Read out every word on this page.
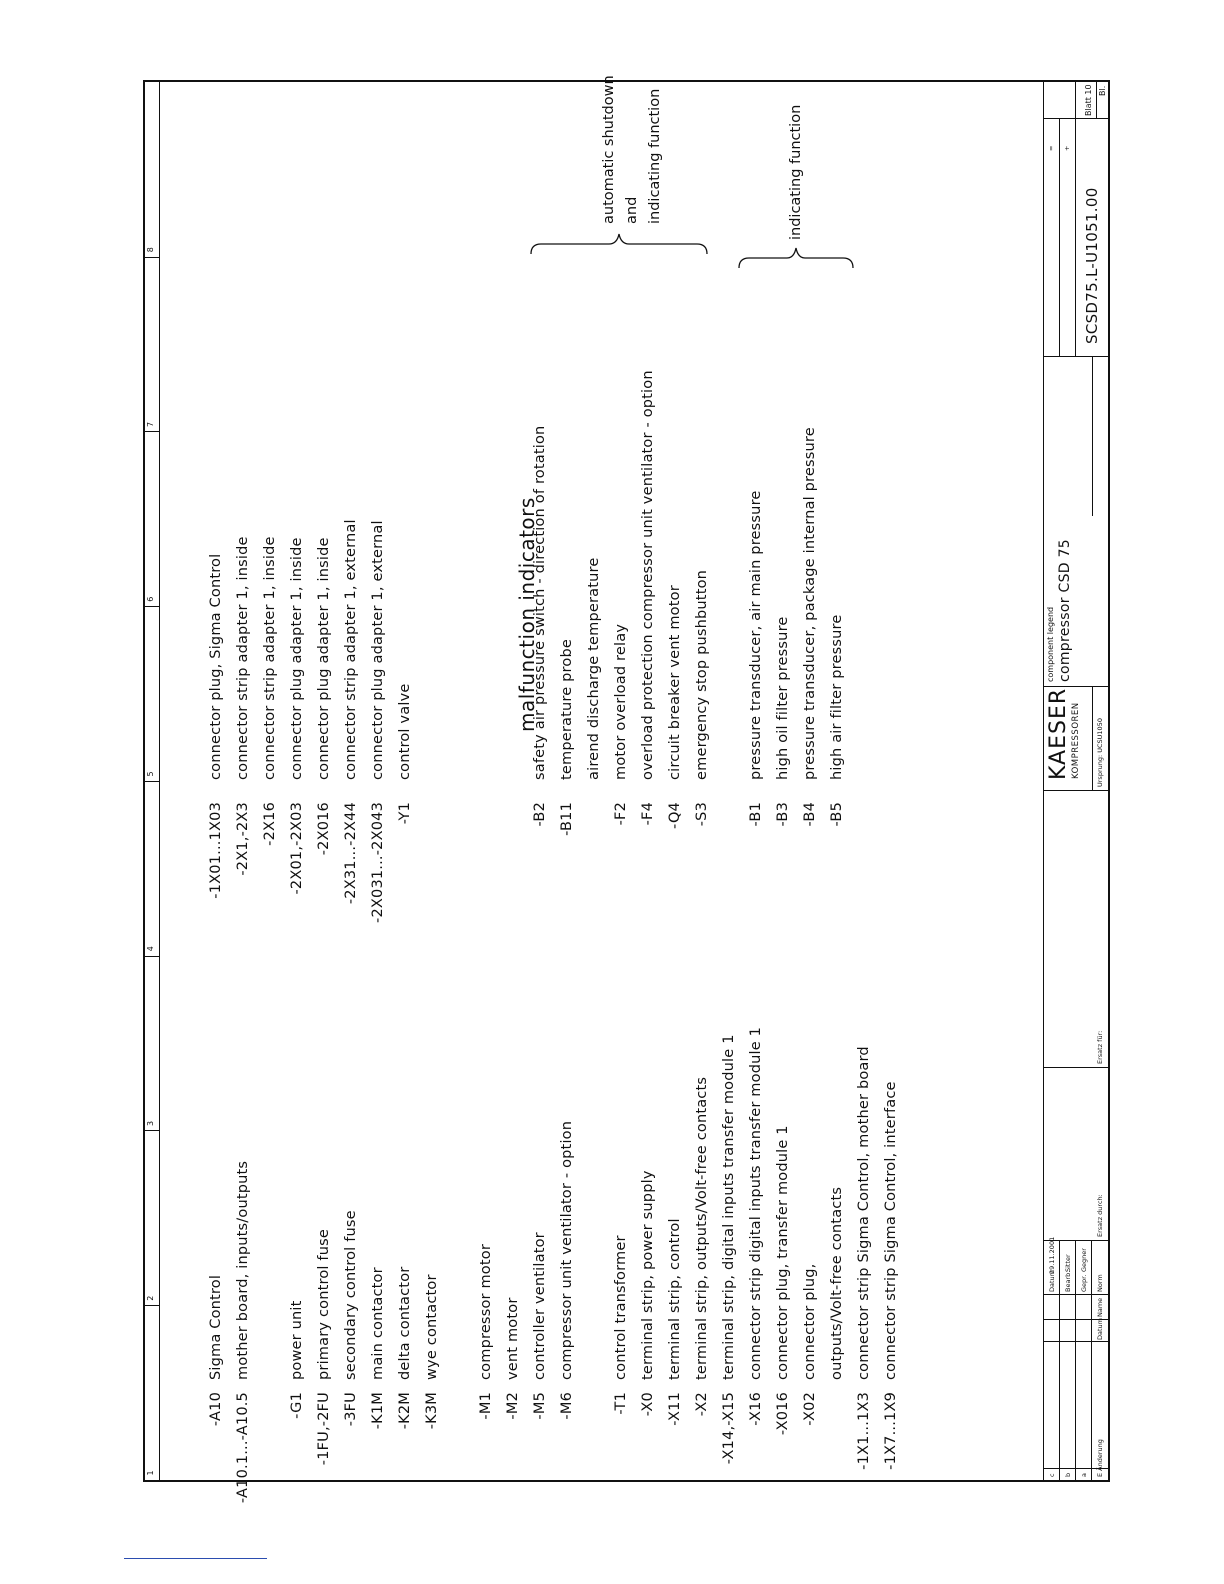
1
2
3
4
5
6
7
8
-A10
Sigma Control
-A10.1...-A10.5
mother board, inputs/outputs
-G1
power unit
-1FU,-2FU
primary control fuse
-3FU
secondary control fuse
-K1M
main contactor
-K2M
delta contactor
-K3M
wye contactor
-M1
compressor motor
-M2
vent motor
-M5
controller ventilator
-M6
compressor unit ventilator - option
-T1
control transformer
-X0
terminal strip, power supply
-X11
terminal strip, control
-X2
terminal strip, outputs/Volt-free contacts
-X14,-X15
terminal strip, digital inputs transfer module 1
-X16
connector strip digital inputs transfer module 1
-X016
connector plug, transfer module 1
-X02
connector plug, outputs/Volt-free contacts
-1X1...1X3
connector strip Sigma Control, mother board
-1X7...1X9
connector strip Sigma Control, interface
-1X01...1X03
connector plug, Sigma Control
-2X1,-2X3
connector strip adapter 1, inside
-2X16
connector strip adapter 1, inside
-2X01,-2X03
connector plug adapter 1, inside
-2X016
connector plug adapter 1, inside
-2X31...-2X44
connector strip adapter 1, external
-2X031...-2X043
connector plug adapter 1, external
-Y1
control valve	malfunction indicators
-B2
safety air pressure switch - direction of rotation
-B11
temperature probe airend discharge temperature
-F2
motor overload relay
-F4
overload protection compressor unit ventilator - option
-Q4
circuit breaker vent motor
-S3
emergency stop pushbutton
-B1
pressure transducer, air main pressure
-B3
high oil filter pressure
-B4
pressure transducer, package internal pressure
-B5
high air filter pressure
automatic shutdown and indicating function	indicating function
E Änderung
Datum
Name
Norm
c b a
Datum
29.11.2001
Bearb.
Sitter
Gepr.
Gegner
Ersatz durch:
Ersatz für:
KAESER KOMPRESSOREN Ursprung: UCSU1050
component legend compressor CSD 75
= +
SCSD75.L-U1051.00
Blatt 10 Bl.
